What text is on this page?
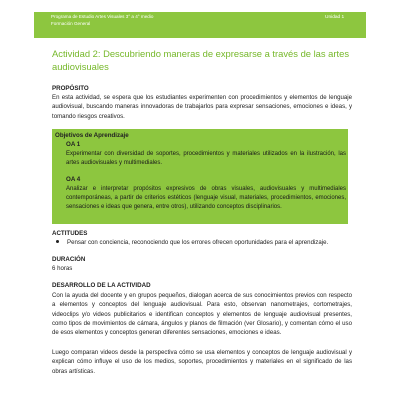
Programa de Estudio Artes Visuales 3° a 4° medio
Formación General
Unidad 1
Actividad 2: Descubriendo maneras de expresarse a través de las artes audiovisuales
PROPÓSITO
En esta actividad, se espera que los estudiantes experimenten con procedimientos y elementos de lenguaje audiovisual, buscando maneras innovadoras de trabajarlos para expresar sensaciones, emociones e ideas, y tomando riesgos creativos.
Objetivos de Aprendizaje
OA 1
Experimentar con diversidad de soportes, procedimientos y materiales utilizados en la ilustración, las artes audiovisuales y multimediales.
OA 4
Analizar e interpretar propósitos expresivos de obras visuales, audiovisuales y multimediales contemporáneas, a partir de criterios estéticos (lenguaje visual, materiales, procedimientos, emociones, sensaciones e ideas que genera, entre otros), utilizando conceptos disciplinarios.
ACTITUDES
Pensar con conciencia, reconociendo que los errores ofrecen oportunidades para el aprendizaje.
DURACIÓN
6 horas
DESARROLLO DE LA ACTIVIDAD
Con la ayuda del docente y en grupos pequeños, dialogan acerca de sus conocimientos previos con respecto a elementos y conceptos del lenguaje audiovisual. Para esto, observan nanometrajes, cortometrajes, videoclips y/o videos publicitarios e identifican conceptos y elementos de lenguaje audiovisual presentes, como tipos de movimientos de cámara, ángulos y planos de filmación (ver Glosario), y comentan cómo el uso de esos elementos y conceptos generan diferentes sensaciones, emociones e ideas.
Luego comparan videos desde la perspectiva cómo se usa elementos y conceptos de lenguaje audiovisual y explican cómo influye el uso de los medios, soportes, procedimientos y materiales en el significado de las obras artísticas.
